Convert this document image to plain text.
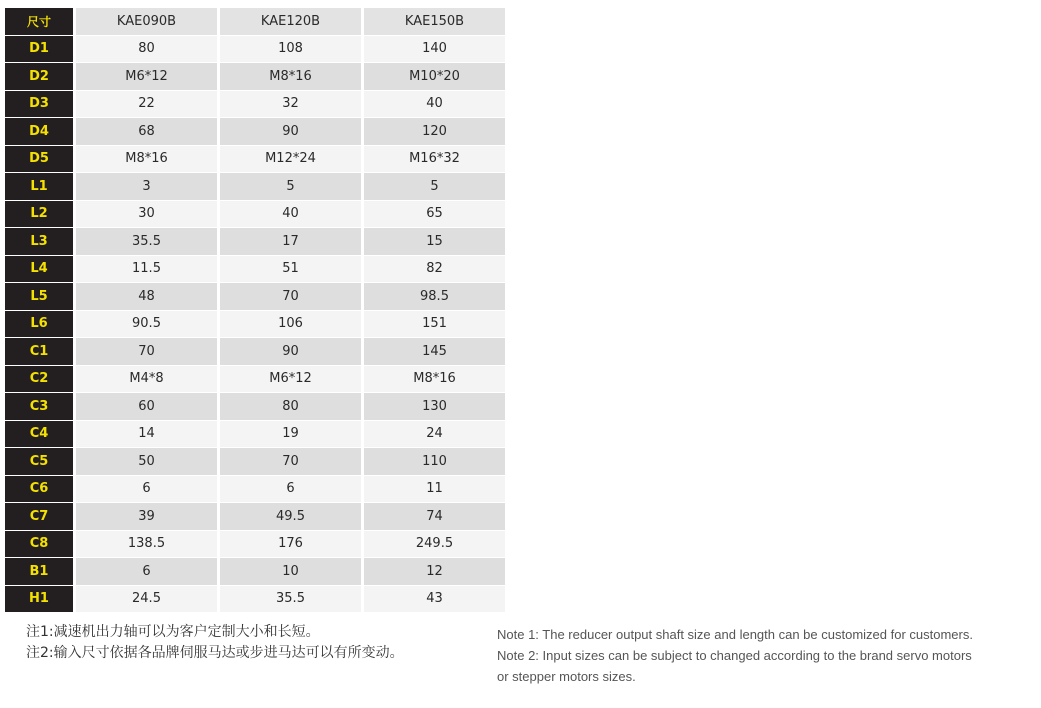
尺寸	KAE090B	KAE120B	KAE150B
D1	80	108	140
D2	M6*12	M8*16	M10*20
D3	22	32	40
D4	68	90	120
D5	M8*16	M12*24	M16*32
L1	3	5	5
L2	30	40	65
L3	35.5	17	15
L4	11.5	51	82
L5	48	70	98.5
L6	90.5	106	151
C1	70	90	145
C2	M4*8	M6*12	M8*16
C3	60	80	130
C4	14	19	24
C5	50	70	110
C6	6	6	11
C7	39	49.5	74
C8	138.5	176	249.5
B1	6	10	12
H1	24.5	35.5	43
注1:减速机出力轴可以为客户定制大小和长短。
注2:输入尺寸依据各品牌伺服马达或步进马达可以有所变动。
Note 1: The reducer output shaft size and length can be customized for customers.
Note 2: Input sizes can be subject to changed according to the brand servo motors
or stepper motors sizes.
